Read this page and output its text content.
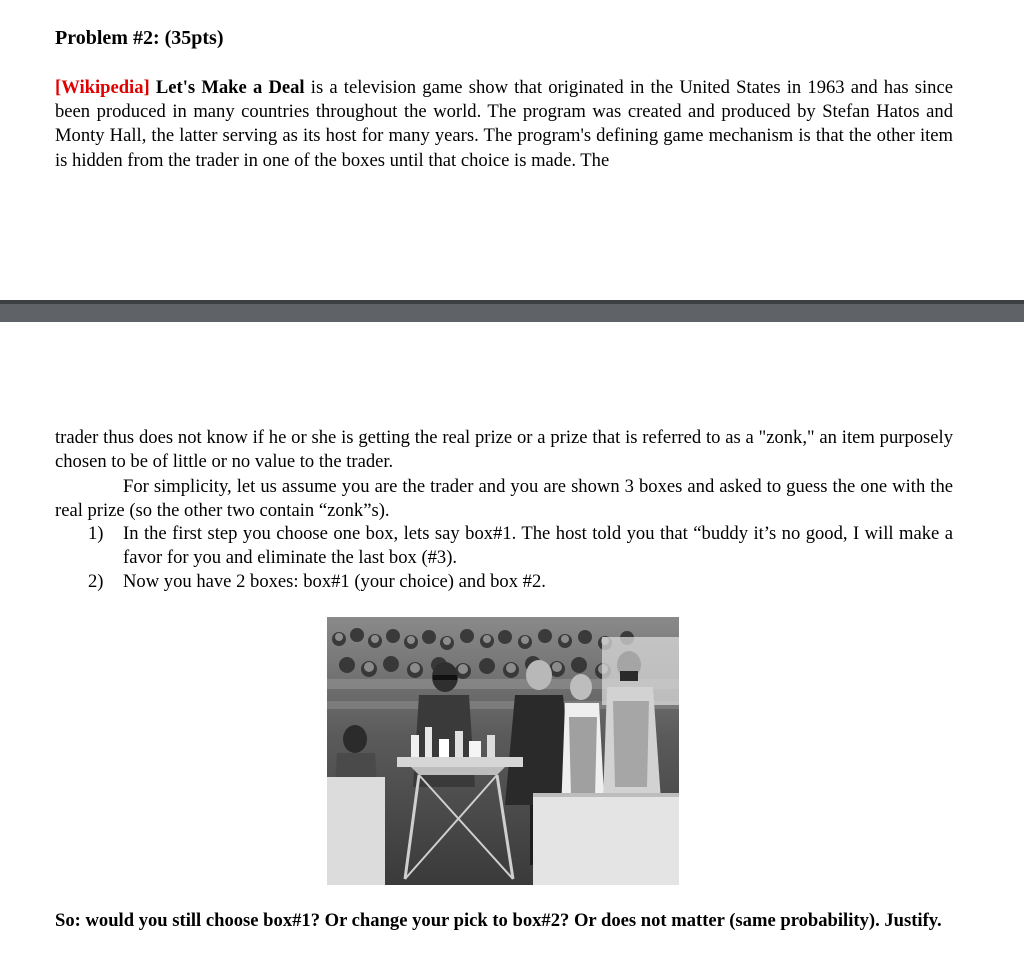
Problem #2: (35pts)
[Wikipedia] Let's Make a Deal is a television game show that originated in the United States in 1963 and has since been produced in many countries throughout the world. The program was created and produced by Stefan Hatos and Monty Hall, the latter serving as its host for many years. The program's defining game mechanism is that the other item is hidden from the trader in one of the boxes until that choice is made. The
trader thus does not know if he or she is getting the real prize or a prize that is referred to as a "zonk," an item purposely chosen to be of little or no value to the trader.
For simplicity, let us assume you are the trader and you are shown 3 boxes and asked to guess the one with the real prize (so the other two contain “zonk”s).
1) In the first step you choose one box, lets say box#1. The host told you that “buddy it’s no good, I will make a favor for you and eliminate the last box (#3).
2) Now you have 2 boxes: box#1 (your choice) and box #2.
So: would you still choose box#1? Or change your pick to box#2? Or does not matter (same probability). Justify.
